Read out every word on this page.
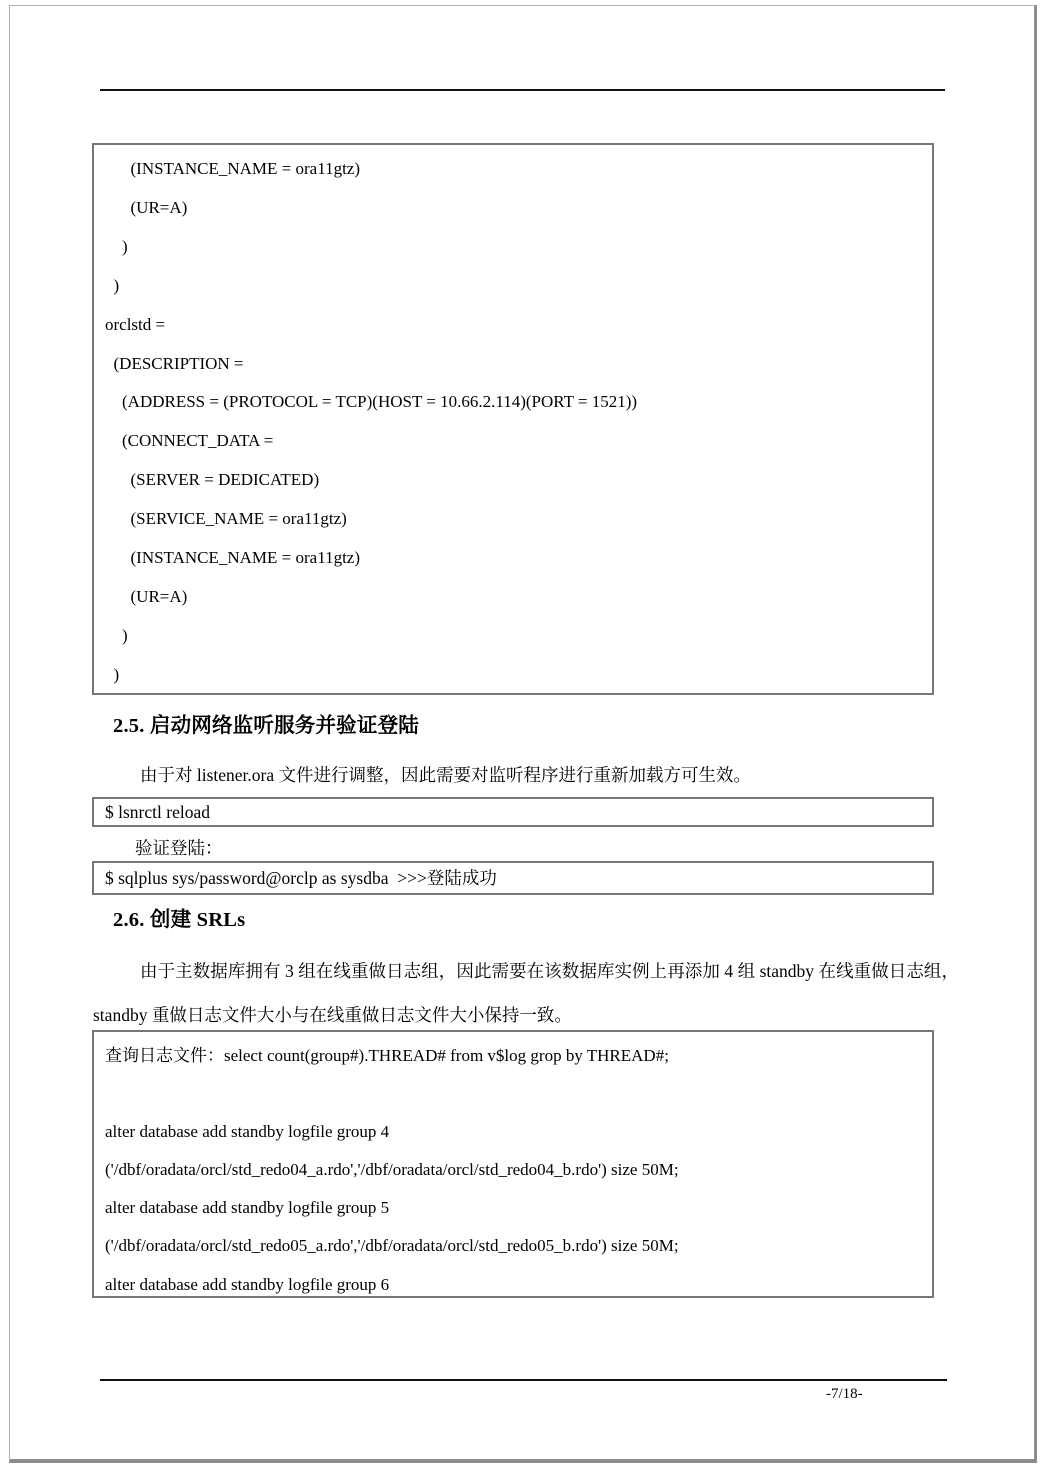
(INSTANCE_NAME = ora11gtz)
(UR=A)
)
)
orclstd =
(DESCRIPTION =
(ADDRESS = (PROTOCOL = TCP)(HOST = 10.66.2.114)(PORT = 1521))
(CONNECT_DATA =
(SERVER = DEDICATED)
(SERVICE_NAME = ora11gtz)
(INSTANCE_NAME = ora11gtz)
(UR=A)
)
)
2.5. 启动网络监听服务并验证登陆
由于对 listener.ora 文件进行调整，因此需要对监听程序进行重新加载方可生效。
$ lsnrctl reload
验证登陆：
$ sqlplus sys/password@orclp as sysdba  >>>登陆成功
2.6. 创建 SRLs
由于主数据库拥有 3 组在线重做日志组，因此需要在该数据库实例上再添加 4 组 standby 在线重做日志组，standby 重做日志文件大小与在线重做日志文件大小保持一致。
查询日志文件：select count(group#).THREAD# from v$log grop by THREAD#;
alter database add standby logfile group 4
('/dbf/oradata/orcl/std_redo04_a.rdo','/dbf/oradata/orcl/std_redo04_b.rdo') size 50M;
alter database add standby logfile group 5
('/dbf/oradata/orcl/std_redo05_a.rdo','/dbf/oradata/orcl/std_redo05_b.rdo') size 50M;
alter database add standby logfile group 6
-7/18-
